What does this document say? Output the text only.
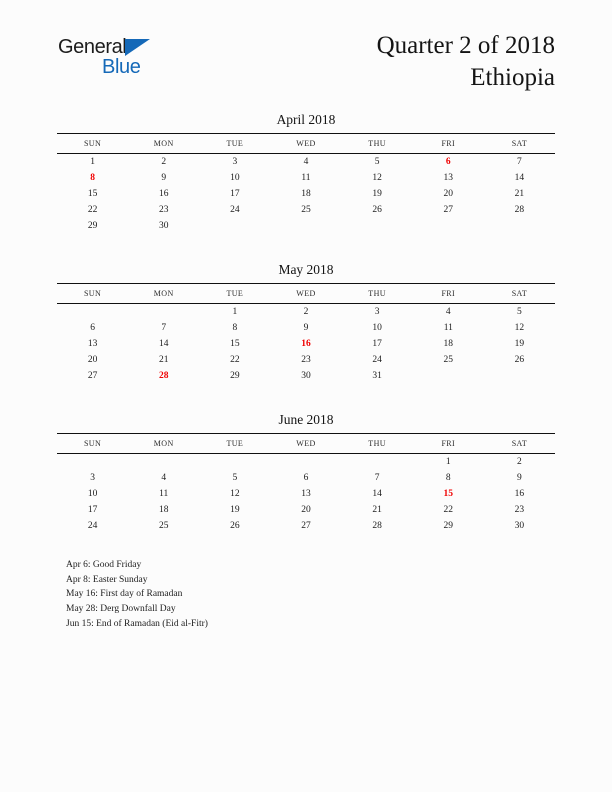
General
Blue
Quarter 2 of 2018
Ethiopia
April 2018
SUN	MON	TUE	WED	THU	FRI	SAT
1	2	3	4	5	6	7
8	9	10	11	12	13	14
15	16	17	18	19	20	21
22	23	24	25	26	27	28
29	30					
May 2018
SUN	MON	TUE	WED	THU	FRI	SAT
		1	2	3	4	5
6	7	8	9	10	11	12
13	14	15	16	17	18	19
20	21	22	23	24	25	26
27	28	29	30	31		
June 2018
SUN	MON	TUE	WED	THU	FRI	SAT
					1	2
3	4	5	6	7	8	9
10	11	12	13	14	15	16
17	18	19	20	21	22	23
24	25	26	27	28	29	30
Apr 6: Good Friday
Apr 8: Easter Sunday
May 16: First day of Ramadan
May 28: Derg Downfall Day
Jun 15: End of Ramadan (Eid al-Fitr)
